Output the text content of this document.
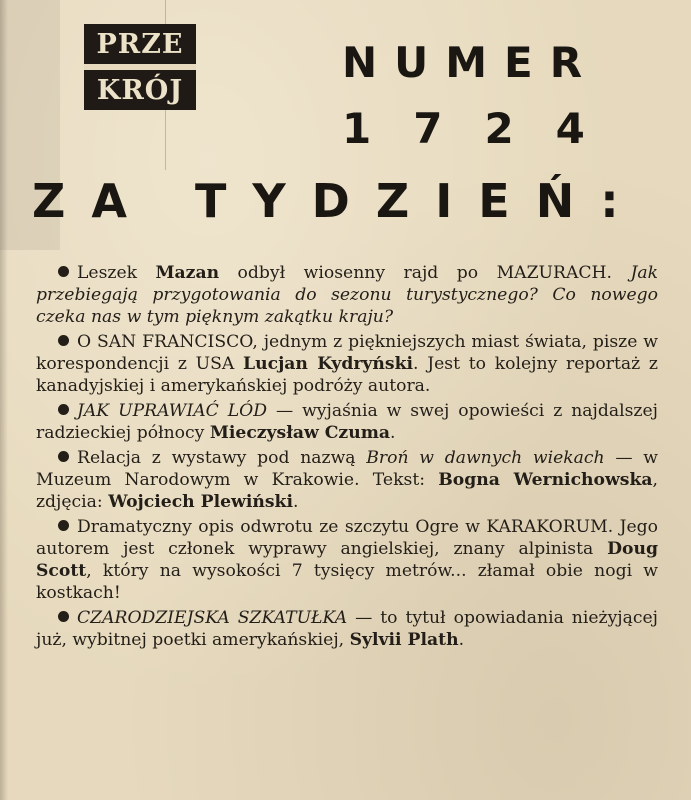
PRZE
KRÓJ
NUMER
1724
ZA TYDZIEŃ:

Leszek Mazan odbył wiosenny rajd po MAZURACH. Jak przebiegają przygotowania do sezonu turystycznego? Co nowego czeka nas w tym pięknym zakątku kraju?

O SAN FRANCISCO, jednym z piękniejszych miast świata, pisze w korespondencji z USA Lucjan Kydryński. Jest to kolejny reportaż z kanadyjskiej i amerykańskiej podróży autora.

JAK UPRAWIAĆ LÓD — wyjaśnia w swej opowieści z najdalszej radzieckiej północy Mieczysław Czuma.

Relacja z wystawy pod nazwą Broń w dawnych wiekach — w Muzeum Narodowym w Krakowie. Tekst: Bogna Wernichowska, zdjęcia: Wojciech Plewiński.

Dramatyczny opis odwrotu ze szczytu Ogre w KARAKORUM. Jego autorem jest członek wyprawy angielskiej, znany alpinista Doug Scott, który na wysokości 7 tysięcy metrów... złamał obie nogi w kostkach!

CZARODZIEJSKA SZKATUŁKA — to tytuł opowiadania nieżyjącej już, wybitnej poetki amerykańskiej, Sylvii Plath.
